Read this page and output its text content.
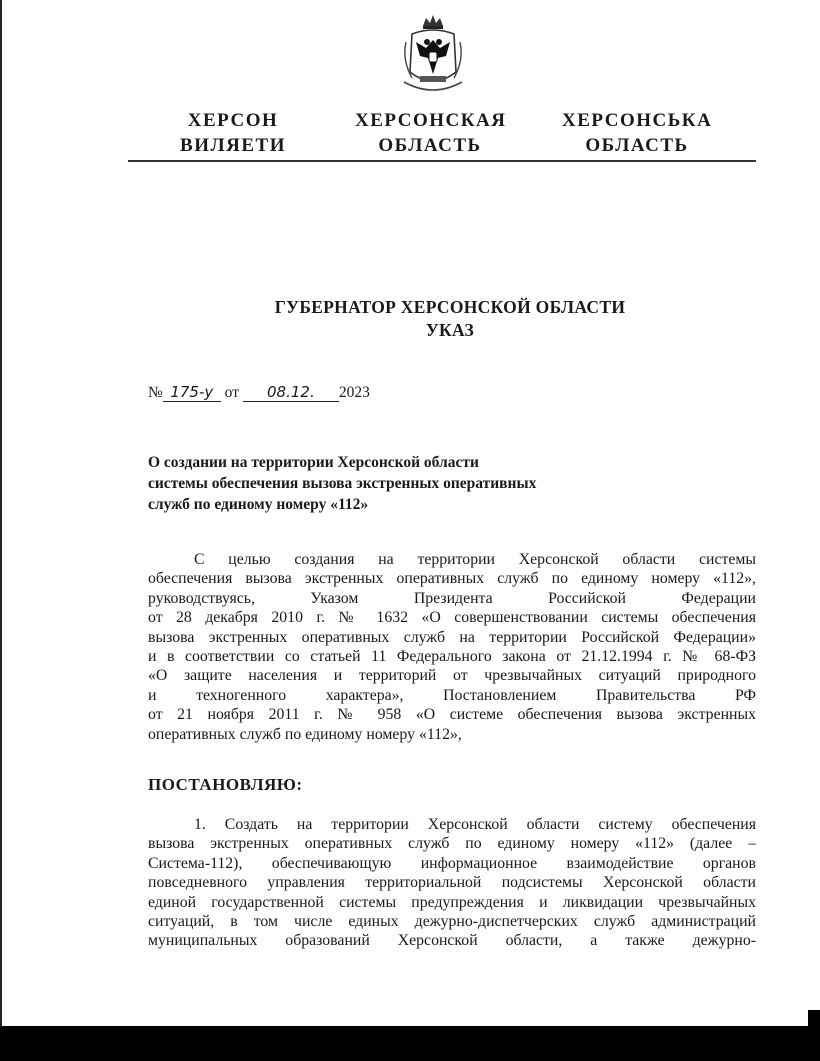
ХЕРСОН
ВИЛЯЕТИ
ХЕРСОНСКАЯ
ОБЛАСТЬ
ХЕРСОНСЬКА
ОБЛАСТЬ
ГУБЕРНАТОР ХЕРСОНСКОЙ ОБЛАСТИ
УКАЗ
№ 175-у от 08.12. 2023
О создании на территории Херсонской области
системы обеспечения вызова экстренных оперативных
служб по единому номеру «112»
С целью создания на территории Херсонской области системы
обеспечения вызова экстренных оперативных служб по единому номеру «112»,
руководствуясь, Указом Президента Российской Федерации
от 28 декабря 2010 г. № 1632 «О совершенствовании системы обеспечения
вызова экстренных оперативных служб на территории Российской Федерации»
и в соответствии со статьей 11 Федерального закона от 21.12.1994 г. № 68-ФЗ
«О защите населения и территорий от чрезвычайных ситуаций природного
и техногенного характера», Постановлением Правительства РФ
от 21 ноября 2011 г. № 958 «О системе обеспечения вызова экстренных
оперативных служб по единому номеру «112»,
ПОСТАНОВЛЯЮ:
1. Создать на территории Херсонской области систему обеспечения
вызова экстренных оперативных служб по единому номеру «112» (далее –
Система-112), обеспечивающую информационное взаимодействие органов
повседневного управления территориальной подсистемы Херсонской области
единой государственной системы предупреждения и ликвидации чрезвычайных
ситуаций, в том числе единых дежурно-диспетчерских служб администраций
муниципальных образований Херсонской области, а также дежурно-
